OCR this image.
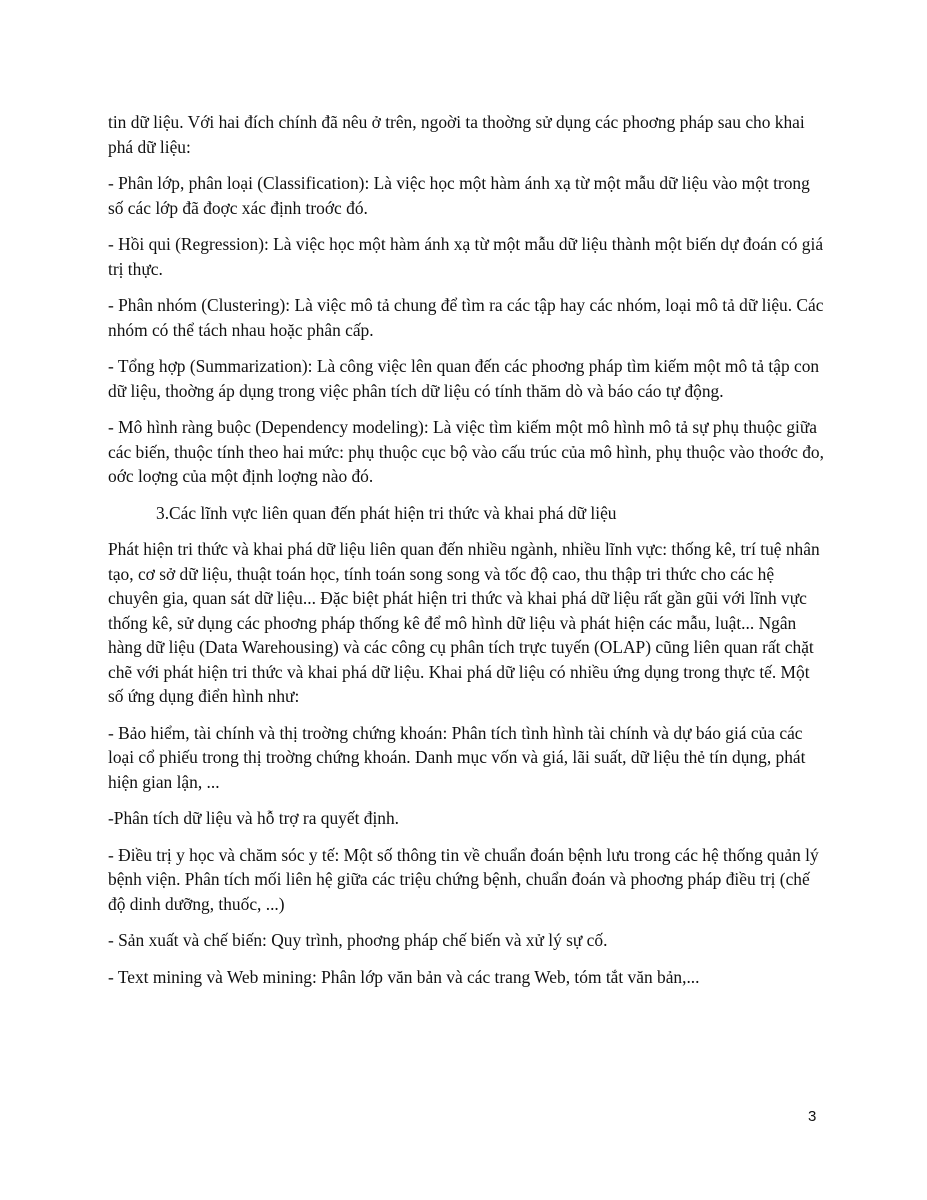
tin dữ liệu. Với hai đích chính đã nêu ở trên, ngoời ta thoờng sử dụng các phoơng pháp sau cho khai phá dữ liệu:

- Phân lớp, phân loại (Classification): Là việc học một hàm ánh xạ từ một mẫu dữ liệu vào một trong số các lớp đã đoợc xác định troớc đó.

- Hồi qui (Regression): Là việc học một hàm ánh xạ từ một mẫu dữ liệu thành một biến dự đoán có giá trị thực.

- Phân nhóm (Clustering): Là việc mô tả chung để tìm ra các tập hay các nhóm, loại mô tả dữ liệu. Các nhóm có thể tách nhau hoặc phân cấp.

- Tổng hợp (Summarization): Là công việc lên quan đến các phoơng pháp tìm kiếm một mô tả tập con dữ liệu, thoờng áp dụng trong việc phân tích dữ liệu có tính thăm dò và báo cáo tự động.

- Mô hình ràng buộc (Dependency modeling): Là việc tìm kiếm một mô hình mô tả sự phụ thuộc giữa các biến, thuộc tính theo hai mức: phụ thuộc cục bộ vào cấu trúc của mô hình, phụ thuộc vào thoớc đo, oớc loợng của một định loợng nào đó.

3.Các lĩnh vực liên quan đến phát hiện tri thức và khai phá dữ liệu

Phát hiện tri thức và khai phá dữ liệu liên quan đến nhiều ngành, nhiều lĩnh vực: thống kê, trí tuệ nhân tạo, cơ sở dữ liệu, thuật toán học, tính toán song song và tốc độ cao, thu thập tri thức cho các hệ chuyên gia, quan sát dữ liệu... Đặc biệt phát hiện tri thức và khai phá dữ liệu rất gần gũi với lĩnh vực thống kê, sử dụng các phoơng pháp thống kê để mô hình dữ liệu và phát hiện các mẫu, luật... Ngân hàng dữ liệu (Data Warehousing) và các công cụ phân tích trực tuyến (OLAP) cũng liên quan rất chặt chẽ với phát hiện tri thức và khai phá dữ liệu. Khai phá dữ liệu có nhiều ứng dụng trong thực tế. Một số ứng dụng điển hình như:

- Bảo hiểm, tài chính và thị troờng chứng khoán: Phân tích tình hình tài chính và dự báo giá của các loại cổ phiếu trong thị troờng chứng khoán. Danh mục vốn và giá, lãi suất, dữ liệu thẻ tín dụng, phát hiện gian lận, ...

-Phân tích dữ liệu và hỗ trợ ra quyết định.

- Điều trị y học và chăm sóc y tế: Một số thông tin về chuẩn đoán bệnh lưu trong các hệ thống quản lý bệnh viện. Phân tích mối liên hệ giữa các triệu chứng bệnh, chuẩn đoán và phoơng pháp điều trị (chế độ dinh dưỡng, thuốc, ...)

- Sản xuất và chế biến: Quy trình, phoơng pháp chế biến và xử lý sự cố.

- Text mining và Web mining: Phân lớp văn bản và các trang Web, tóm tắt văn bản,...

3
